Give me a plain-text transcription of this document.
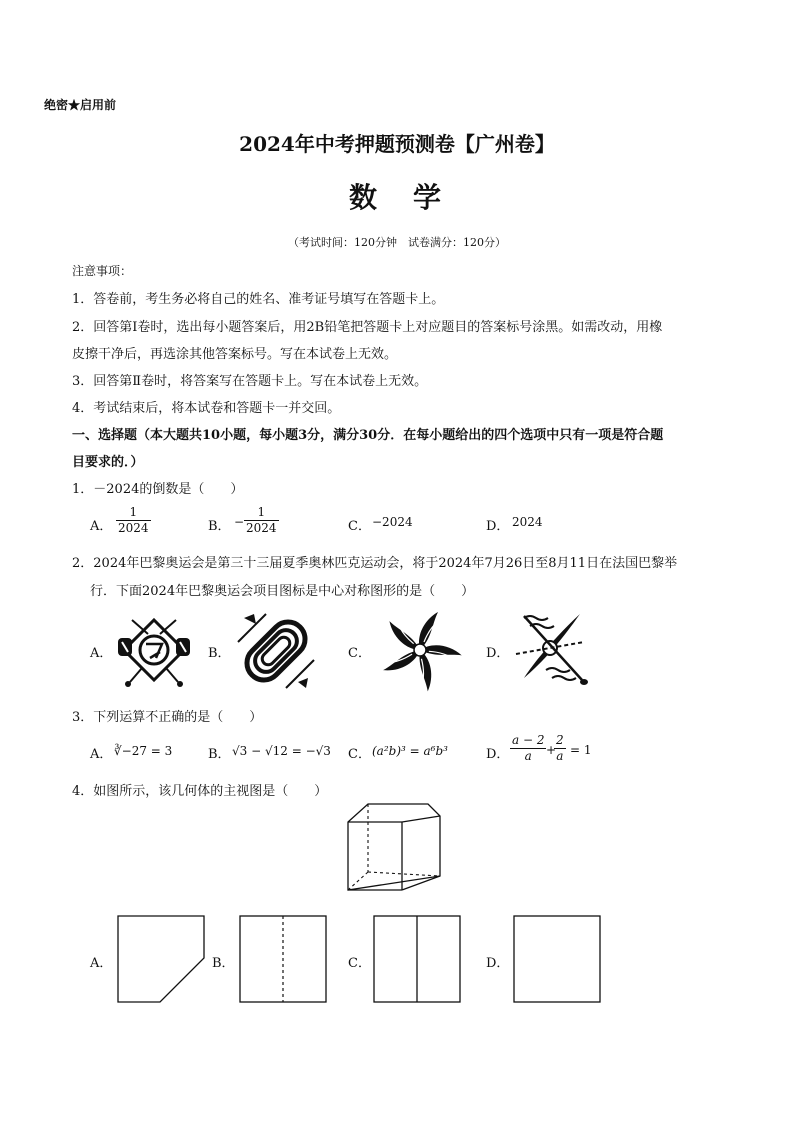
绝密★启用前
2024年中考押题预测卷【广州卷】
数　学
（考试时间：120分钟　试卷满分：120分）
注意事项：
1．答卷前，考生务必将自己的姓名、准考证号填写在答题卡上。
2．回答第Ⅰ卷时，选出每小题答案后，用2B铅笔把答题卡上对应题目的答案标号涂黑。如需改动，用橡
皮擦干净后，再选涂其他答案标号。写在本试卷上无效。
3．回答第Ⅱ卷时，将答案写在答题卡上。写在本试卷上无效。
4．考试结束后，将本试卷和答题卡一并交回。
一、选择题（本大题共10小题，每小题3分，满分30分．在每小题给出的四个选项中只有一项是符合题
目要求的．）
1．－2024的倒数是（　　）
A． $\frac{1}{2024}$	B． − $\frac{1}{2024}$	C． −2024	D． 2024
2．2024年巴黎奥运会是第三十三届夏季奥林匹克运动会，将于2024年7月26日至8月11日在法国巴黎举
行．下面2024年巴黎奥运会项目图标是中心对称图形的是（　　）
A．	B．	C．	D．
3．下列运算不正确的是（　　）
A． ∛−27 = 3	B． √3 − √12 = −√3 C． (a²b)³ = a⁶b³	D． $\frac{a - 2}{a}$ +
$\frac{2}{a} = 1$
4．如图所示，该几何体的主视图是（　　）
A．	B．	C．	D．
